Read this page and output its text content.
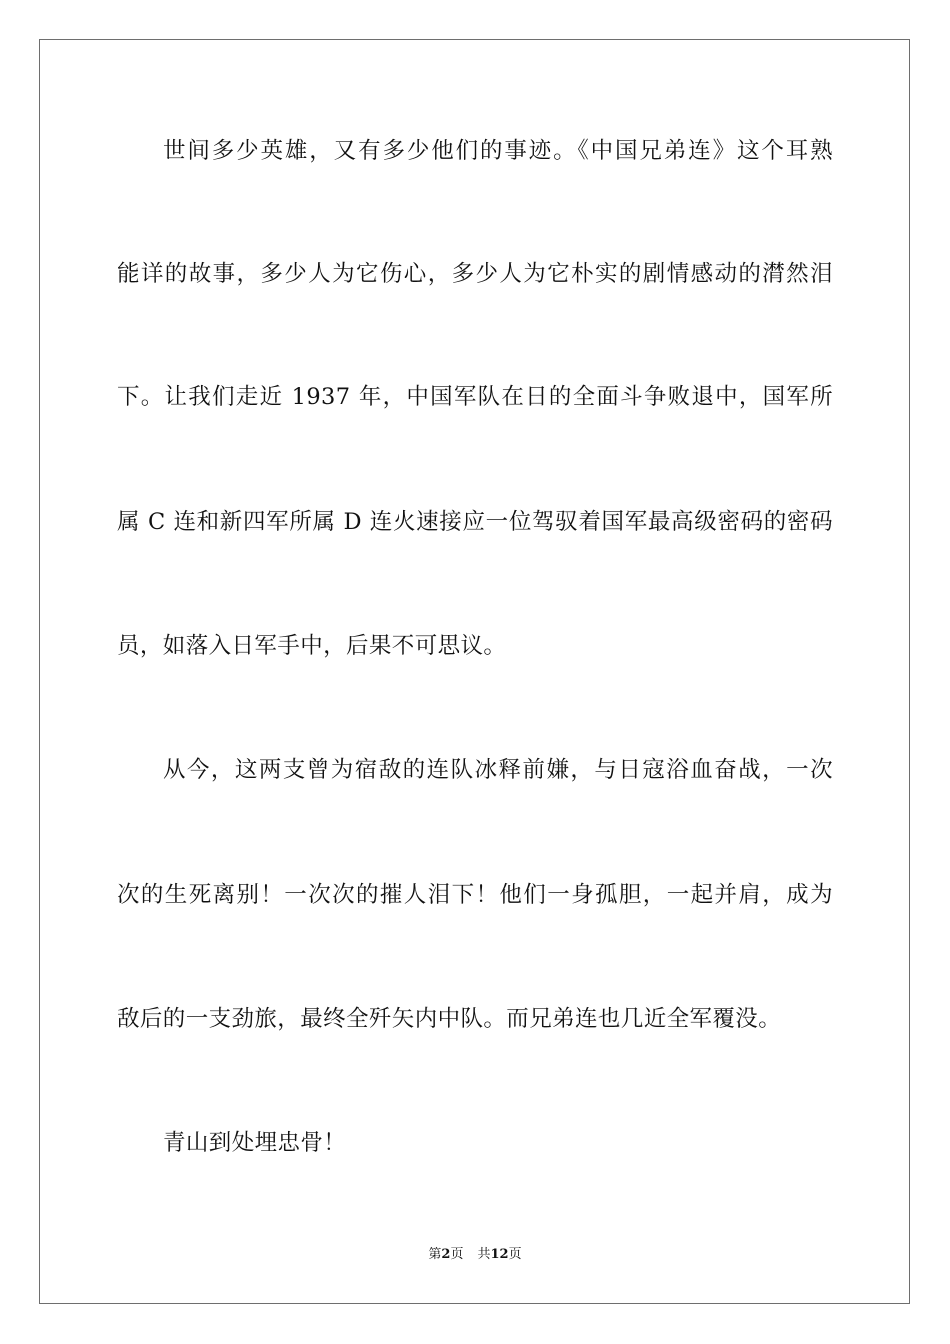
世间多少英雄，又有多少他们的事迹。《中国兄弟连》这个耳熟
能详的故事，多少人为它伤心，多少人为它朴实的剧情感动的潸然泪
下。让我们走近 1937 年，中国军队在日的全面斗争败退中，国军所
属 C 连和新四军所属 D 连火速接应一位驾驭着国军最高级密码的密码
员，如落入日军手中，后果不可思议。
从今，这两支曾为宿敌的连队冰释前嫌，与日寇浴血奋战，一次
次的生死离别！一次次的摧人泪下！他们一身孤胆，一起并肩，成为
敌后的一支劲旅，最终全歼矢内中队。而兄弟连也几近全军覆没。
青山到处埋忠骨！
第2页 共12页
